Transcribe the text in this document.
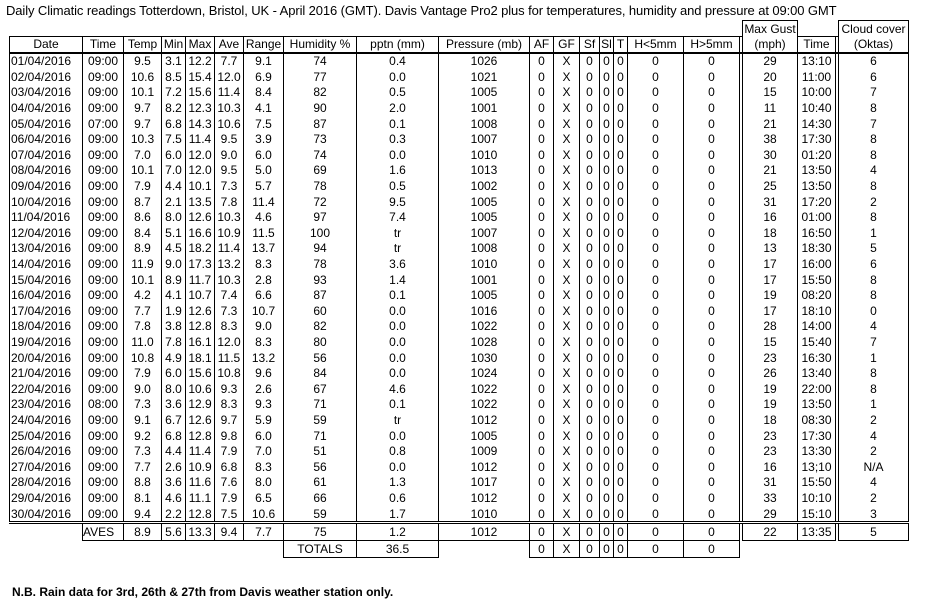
Daily Climatic readings Totterdown, Bristol, UK - April 2016 (GMT). Davis Vantage Pro2 plus for temperatures, humidity and pressure at 09:00 GMT
																		Max Gust			Cloud cover
Date	Time	Temp	Min	Max	Ave	Range	Humidity %	pptn (mm)	Pressure (mb)	AF	GF	Sf	Sl	T	H<5mm	H>5mm		(mph)	Time		(Oktas)
01/04/2016	09:00	9.5	3.1	12.2	7.7	9.1	74	0.4	1026	0	X	0	0	0	0	0		29	13:10		6
02/04/2016	09:00	10.6	8.5	15.4	12.0	6.9	77	0.0	1021	0	X	0	0	0	0	0		20	11:00		6
03/04/2016	09:00	10.1	7.2	15.6	11.4	8.4	82	0.5	1005	0	X	0	0	0	0	0		15	10:00		7
04/04/2016	09:00	9.7	8.2	12.3	10.3	4.1	90	2.0	1001	0	X	0	0	0	0	0		11	10:40		8
05/04/2016	07:00	9.7	6.8	14.3	10.6	7.5	87	0.1	1008	0	X	0	0	0	0	0		21	14:30		7
06/04/2016	09:00	10.3	7.5	11.4	9.5	3.9	73	0.3	1007	0	X	0	0	0	0	0		38	17:30		8
07/04/2016	09:00	7.0	6.0	12.0	9.0	6.0	74	0.0	1010	0	X	0	0	0	0	0		30	01:20		8
08/04/2016	09:00	10.1	7.0	12.0	9.5	5.0	69	1.6	1013	0	X	0	0	0	0	0		21	13:50		4
09/04/2016	09:00	7.9	4.4	10.1	7.3	5.7	78	0.5	1002	0	X	0	0	0	0	0		25	13:50		8
10/04/2016	09:00	8.7	2.1	13.5	7.8	11.4	72	9.5	1005	0	X	0	0	0	0	0		31	17:20		2
11/04/2016	09:00	8.6	8.0	12.6	10.3	4.6	97	7.4	1005	0	X	0	0	0	0	0		16	01:00		8
12/04/2016	09:00	8.4	5.1	16.6	10.9	11.5	100	tr	1007	0	X	0	0	0	0	0		18	16:50		1
13/04/2016	09:00	8.9	4.5	18.2	11.4	13.7	94	tr	1008	0	X	0	0	0	0	0		13	18:30		5
14/04/2016	09:00	11.9	9.0	17.3	13.2	8.3	78	3.6	1010	0	X	0	0	0	0	0		17	16:00		6
15/04/2016	09:00	10.1	8.9	11.7	10.3	2.8	93	1.4	1001	0	X	0	0	0	0	0		17	15:50		8
16/04/2016	09:00	4.2	4.1	10.7	7.4	6.6	87	0.1	1005	0	X	0	0	0	0	0		19	08:20		8
17/04/2016	09:00	7.7	1.9	12.6	7.3	10.7	60	0.0	1016	0	X	0	0	0	0	0		17	18:10		0
18/04/2016	09:00	7.8	3.8	12.8	8.3	9.0	82	0.0	1022	0	X	0	0	0	0	0		28	14:00		4
19/04/2016	09:00	11.0	7.8	16.1	12.0	8.3	80	0.0	1028	0	X	0	0	0	0	0		15	15:40		7
20/04/2016	09:00	10.8	4.9	18.1	11.5	13.2	56	0.0	1030	0	X	0	0	0	0	0		23	16:30		1
21/04/2016	09:00	7.9	6.0	15.6	10.8	9.6	84	0.0	1024	0	X	0	0	0	0	0		26	13:40		8
22/04/2016	09:00	9.0	8.0	10.6	9.3	2.6	67	4.6	1022	0	X	0	0	0	0	0		19	22:00		8
23/04/2016	08:00	7.3	3.6	12.9	8.3	9.3	71	0.1	1022	0	X	0	0	0	0	0		19	13:50		1
24/04/2016	09:00	9.1	6.7	12.6	9.7	5.9	59	tr	1012	0	X	0	0	0	0	0		18	08:30		2
25/04/2016	09:00	9.2	6.8	12.8	9.8	6.0	71	0.0	1005	0	X	0	0	0	0	0		23	17:30		4
26/04/2016	09:00	7.3	4.4	11.4	7.9	7.0	51	0.8	1009	0	X	0	0	0	0	0		23	13:30		2
27/04/2016	09:00	7.7	2.6	10.9	6.8	8.3	56	0.0	1012	0	X	0	0	0	0	0		16	13;10		N/A
28/04/2016	09:00	8.8	3.6	11.6	7.6	8.0	61	1.3	1017	0	X	0	0	0	0	0		31	15:50		4
29/04/2016	09:00	8.1	4.6	11.1	7.9	6.5	66	0.6	1012	0	X	0	0	0	0	0		33	10:10		2
30/04/2016	09:00	9.4	2.2	12.8	7.5	10.6	59	1.7	1010	0	X	0	0	0	0	0		29	15:10		3
	AVES	8.9	5.6	13.3	9.4	7.7	75	1.2	1012	0	X	0	0	0	0	0		22	13:35		5
							TOTALS	36.5		0	X	0	0	0	0	0					
N.B. Rain data for 3rd, 26th & 27th from Davis weather station only.
